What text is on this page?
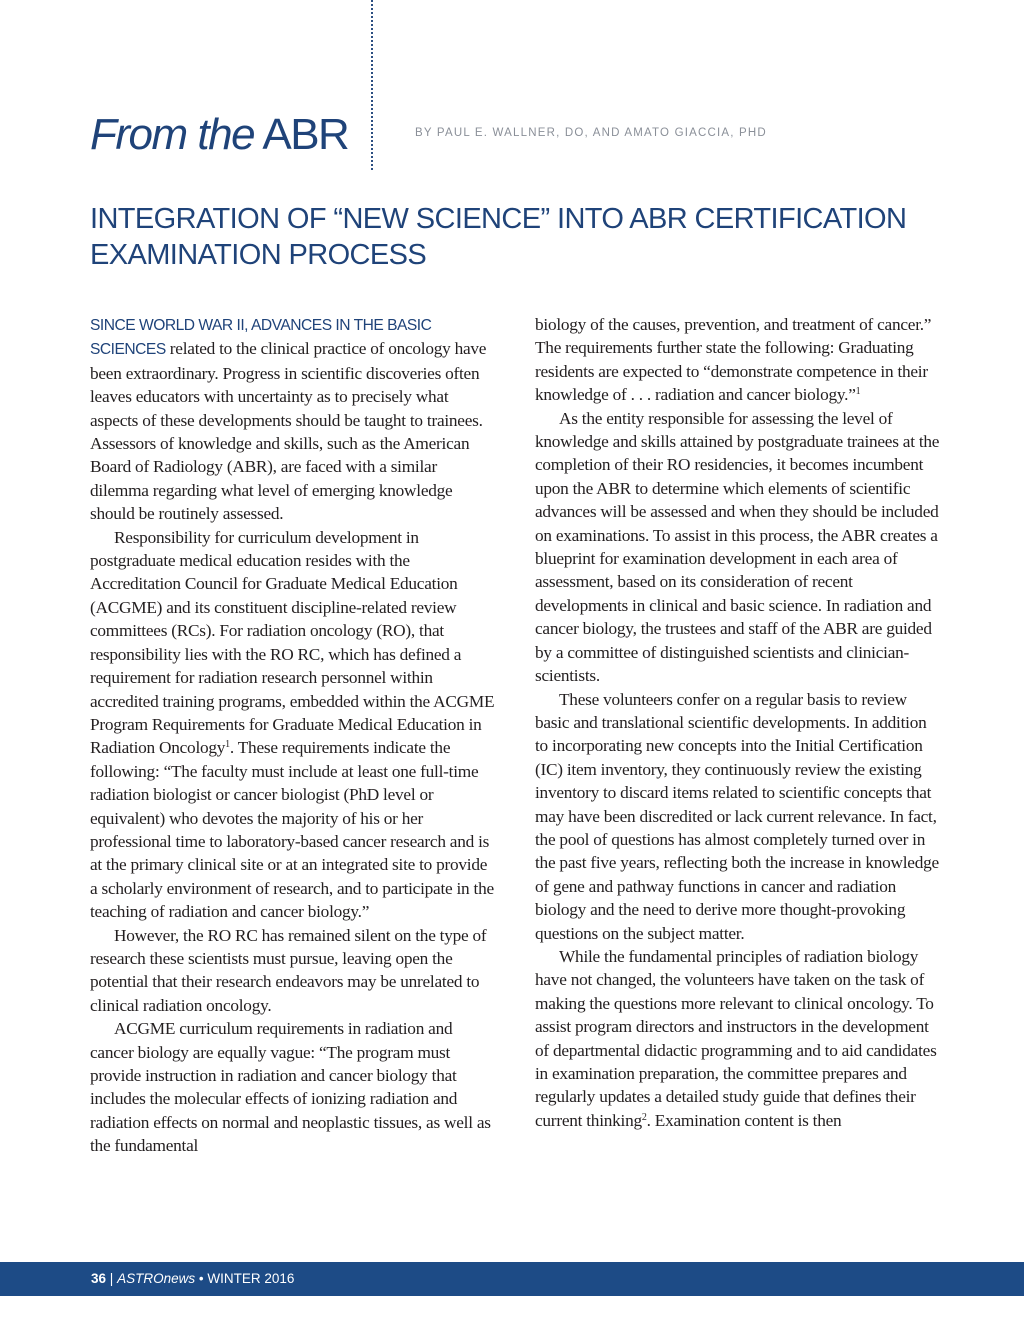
From the ABR	BY PAUL E. WALLNER, DO, AND AMATO GIACCIA, PHD
INTEGRATION OF “NEW SCIENCE” INTO ABR CERTIFICATION EXAMINATION PROCESS

SINCE WORLD WAR II, ADVANCES IN THE BASIC SCIENCES related to the clinical practice of oncology have been extraordinary. Progress in scientific discoveries often leaves educators with uncertainty as to precisely what aspects of these developments should be taught to trainees. Assessors of knowledge and skills, such as the American Board of Radiology (ABR), are faced with a similar dilemma regarding what level of emerging knowledge should be routinely assessed.

Responsibility for curriculum development in postgraduate medical education resides with the Accreditation Council for Graduate Medical Education (ACGME) and its constituent discipline-related review committees (RCs). For radiation oncology (RO), that responsibility lies with the RO RC, which has defined a requirement for radiation research personnel within accredited training programs, embedded within the ACGME Program Requirements for Graduate Medical Education in Radiation Oncology$^1$. These requirements indicate the following: “The faculty must include at least one full-time radiation biologist or cancer biologist (PhD level or equivalent) who devotes the majority of his or her professional time to laboratory-based cancer research and is at the primary clinical site or at an integrated site to provide a scholarly environment of research, and to participate in the teaching of radiation and cancer biology.”

However, the RO RC has remained silent on the type of research these scientists must pursue, leaving open the potential that their research endeavors may be unrelated to clinical radiation oncology.

ACGME curriculum requirements in radiation and cancer biology are equally vague: “The program must provide instruction in radiation and cancer biology that includes the molecular effects of ionizing radiation and radiation effects on normal and neoplastic tissues, as well as the fundamental

biology of the causes, prevention, and treatment of cancer.” The requirements further state the following: Graduating residents are expected to “demonstrate competence in their knowledge of . . . radiation and cancer biology.”$^1$

As the entity responsible for assessing the level of knowledge and skills attained by postgraduate trainees at the completion of their RO residencies, it becomes incumbent upon the ABR to determine which elements of scientific advances will be assessed and when they should be included on examinations. To assist in this process, the ABR creates a blueprint for examination development in each area of assessment, based on its consideration of recent developments in clinical and basic science. In radiation and cancer biology, the trustees and staff of the ABR are guided by a committee of distinguished scientists and clinician-scientists.

These volunteers confer on a regular basis to review basic and translational scientific developments. In addition to incorporating new concepts into the Initial Certification (IC) item inventory, they continuously review the existing inventory to discard items related to scientific concepts that may have been discredited or lack current relevance. In fact, the pool of questions has almost completely turned over in the past five years, reflecting both the increase in knowledge of gene and pathway functions in cancer and radiation biology and the need to derive more thought-provoking questions on the subject matter.

While the fundamental principles of radiation biology have not changed, the volunteers have taken on the task of making the questions more relevant to clinical oncology. To assist program directors and instructors in the development of departmental didactic programming and to aid candidates in examination preparation, the committee prepares and regularly updates a detailed study guide that defines their current thinking$^2$. Examination content is then

36 | ASTROnews • WINTER 2016
